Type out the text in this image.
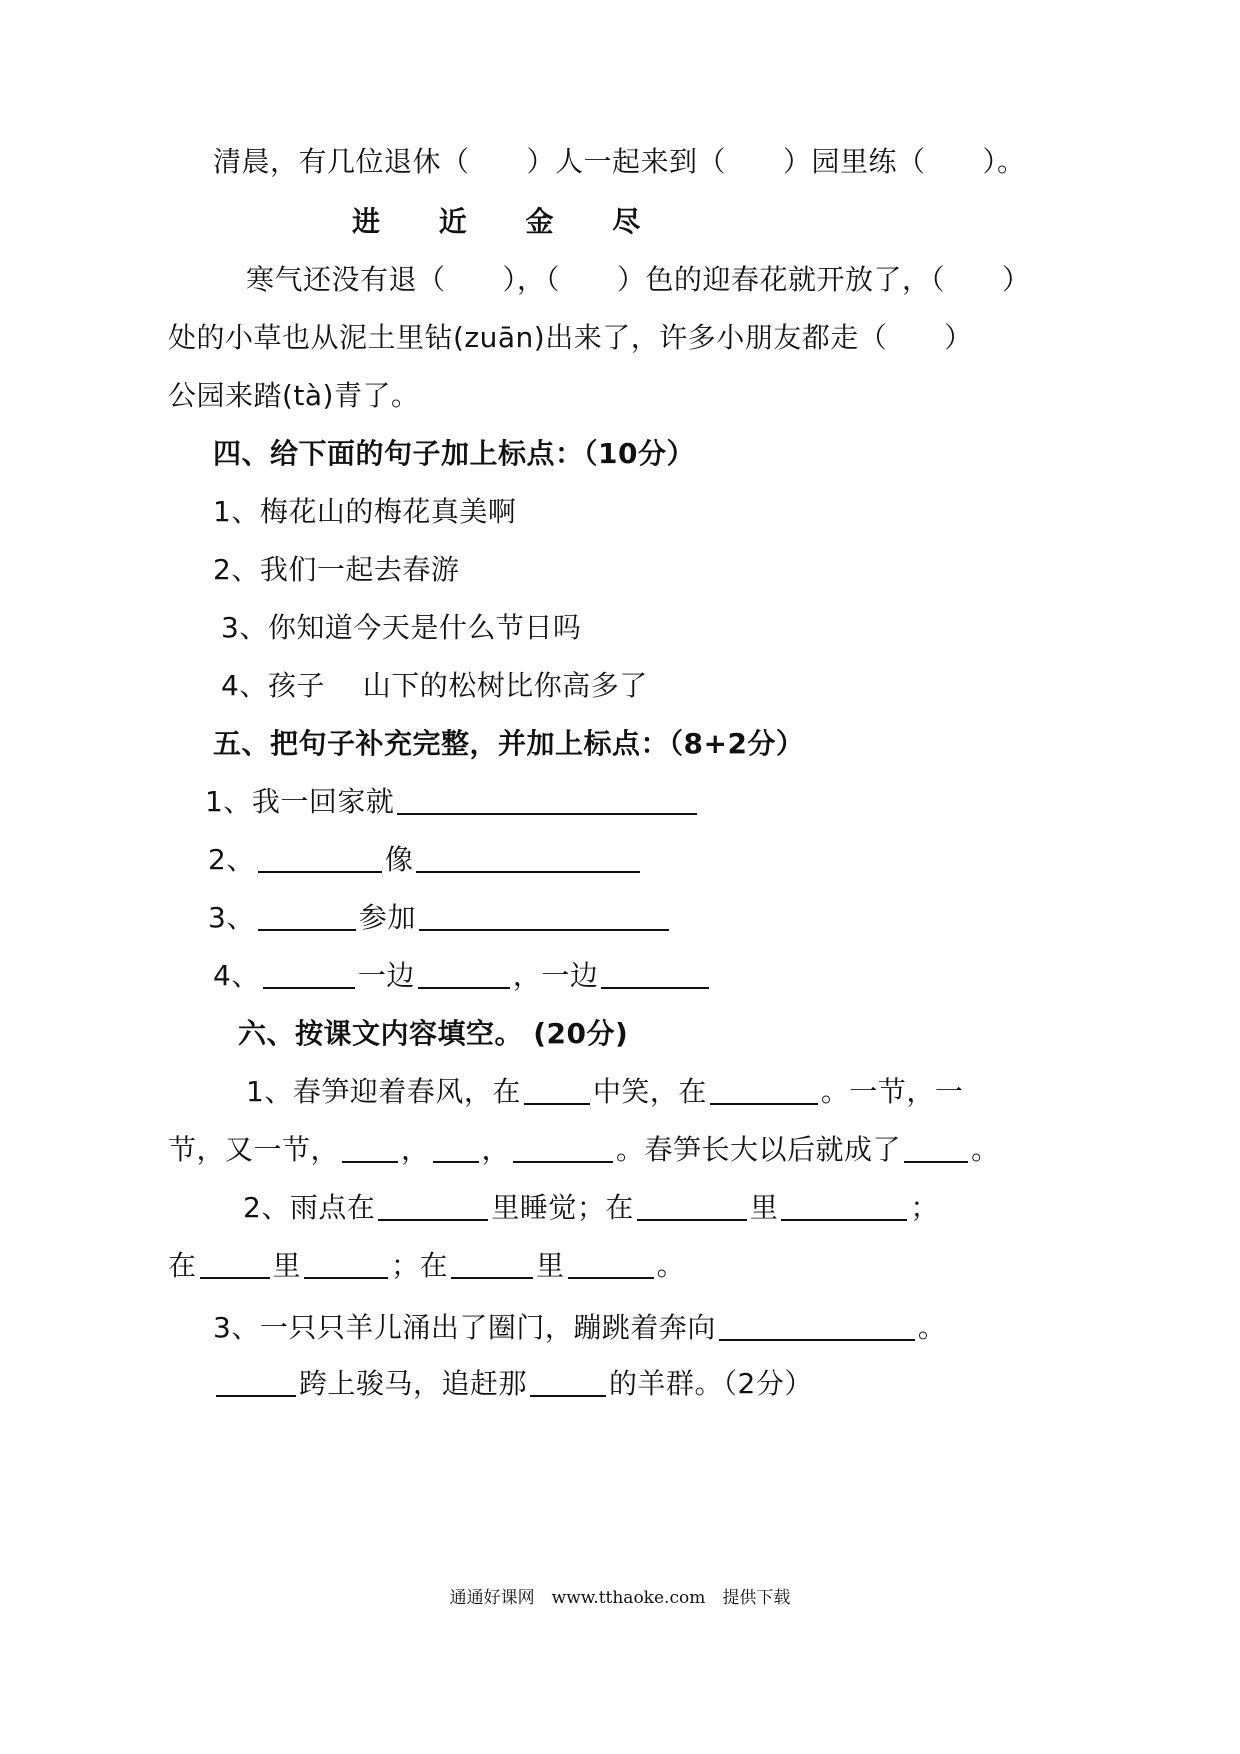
清晨，有几位退休（　　）人一起来到（　　）园里练（　　）。
进 近 金 尽
寒气还没有退（　　），（　　）色的迎春花就开放了，（　　）
处的小草也从泥土里钻(zuān)出来了，许多小朋友都走（　　）
公园来踏(tà)青了。
四、给下面的句子加上标点：（10分）
1、梅花山的梅花真美啊
2、我们一起去春游
3、你知道今天是什么节日吗
4、孩子　 山下的松树比你高多了
五、把句子补充完整，并加上标点：（8+2分）
1、我一回家就
2、	像
3、	参加
4、	一边	，一边
六、按课文内容填空。 (20分)
1、春笋迎着春风，在	中笑，在	。一节，一
节，又一节， ， ，	。春笋长大以后就成了	。
2、雨点在	里睡觉；在	里	；
在	里	；在	里	。
3、一只只羊儿涌出了圈门，蹦跳着奔向	。
跨上骏马，追赶那	的羊群。（2分）
通通好课网　www.tthaoke.com　提供下载
